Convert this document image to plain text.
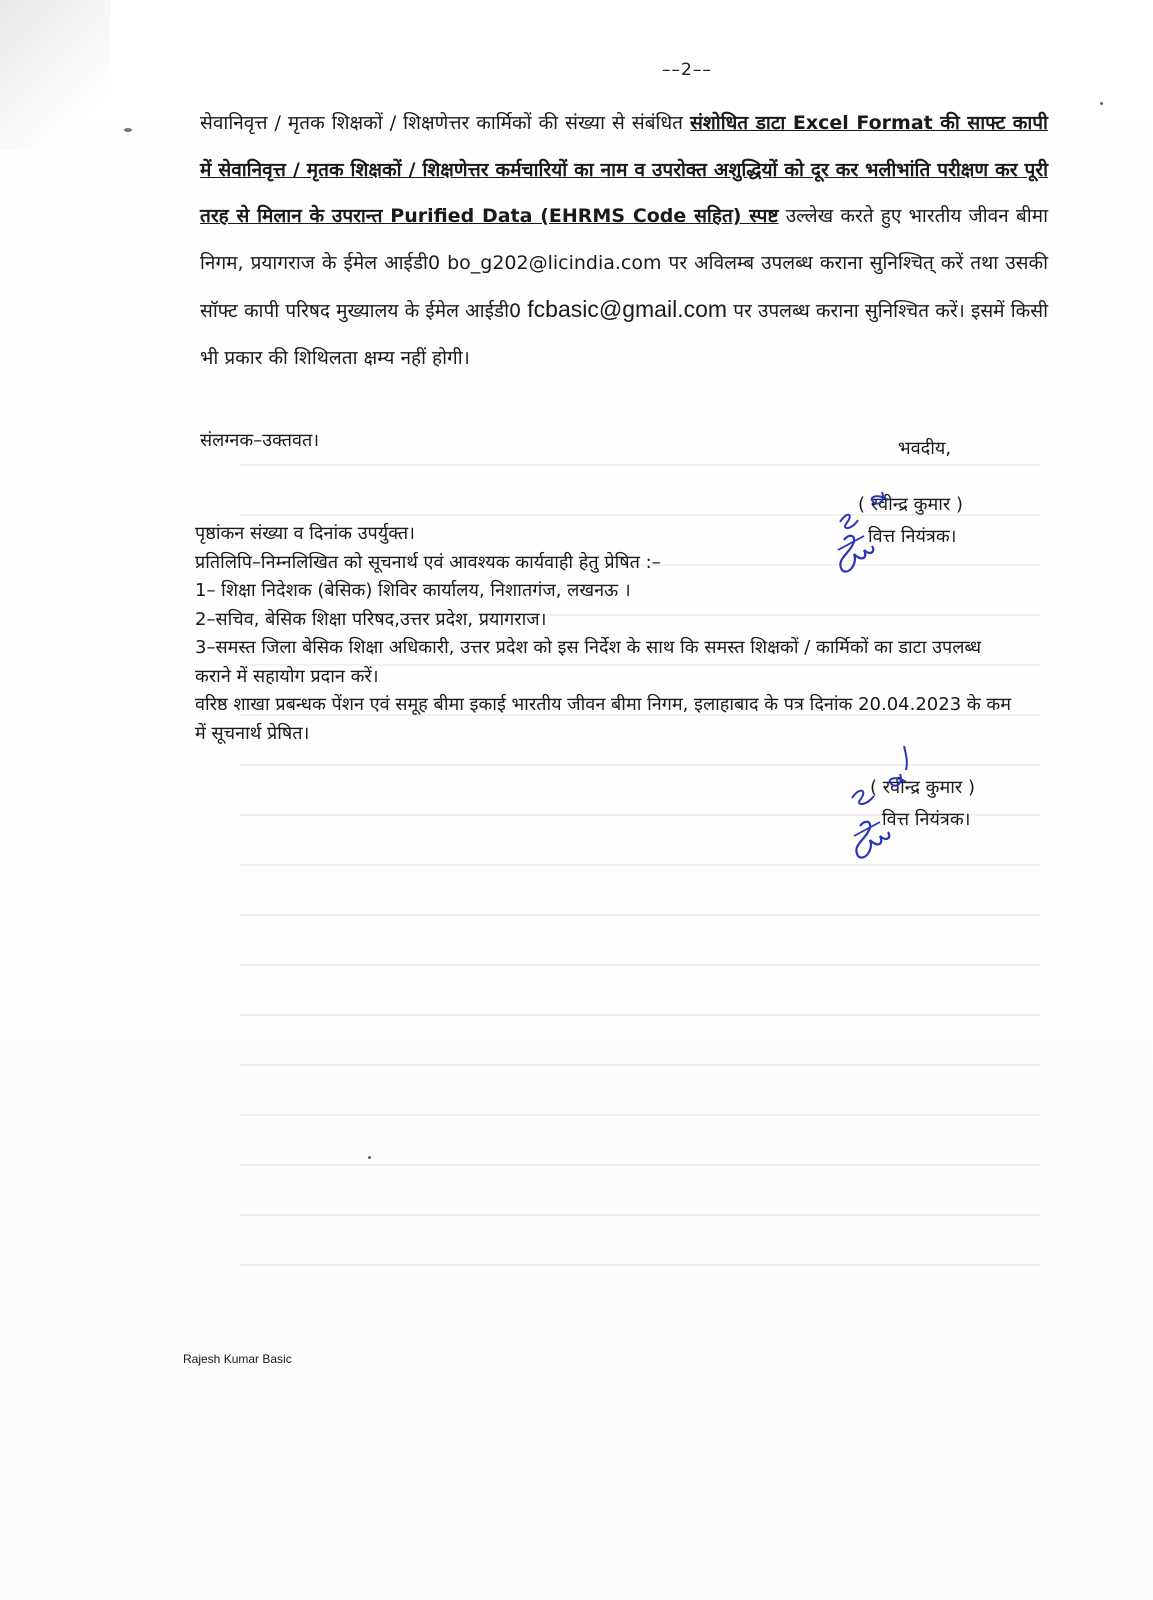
––2––
सेवानिवृत्त / मृतक शिक्षकों / शिक्षणेत्तर कार्मिकों की संख्या से संबंधित संशोधित डाटा Excel Format की साफ्ट कापी में सेवानिवृत्त / मृतक शिक्षकों / शिक्षणेत्तर कर्मचारियों का नाम व उपरोक्त अशुद्धियों को दूर कर भलीभांति परीक्षण कर पूरी तरह से मिलान के उपरान्त Purified Data (EHRMS Code सहित) स्पष्ट उल्लेख करते हुए भारतीय जीवन बीमा निगम, प्रयागराज के ईमेल आईडी0 bo_g202@licindia.com पर अविलम्ब उपलब्ध कराना सुनिश्चित् करें तथा उसकी सॉफ्ट कापी परिषद मुख्यालय के ईमेल आईडी0 fcbasic@gmail.com पर उपलब्ध कराना सुनिश्चित करें। इसमें किसी भी प्रकार की शिथिलता क्षम्य नहीं होगी।
संलग्नक–उक्तवत।	भवदीय,
( रवीन्द्र कुमार )
वित्त नियंत्रक।

पृष्ठांकन संख्या व दिनांक उपर्युक्त।

प्रतिलिपि–निम्नलिखित को सूचनार्थ एवं आवश्यक कार्यवाही हेतु प्रेषित :–

1– शिक्षा निदेशक (बेसिक) शिविर कार्यालय, निशातगंज, लखनऊ ।

2–सचिव, बेसिक शिक्षा परिषद,उत्तर प्रदेश, प्रयागराज।

3–समस्त जिला बेसिक शिक्षा अधिकारी, उत्तर प्रदेश को इस निर्देश के साथ कि समस्त शिक्षकों / कार्मिकों का डाटा उपलब्ध कराने में सहायोग प्रदान करें।

वरिष्ठ शाखा प्रबन्धक पेंशन एवं समूह बीमा इकाई भारतीय जीवन बीमा निगम, इलाहाबाद के पत्र दिनांक 20.04.2023 के कम में सूचनार्थ प्रेषित।

( रवीन्द्र कुमार )
वित्त नियंत्रक।
Rajesh Kumar Basic
